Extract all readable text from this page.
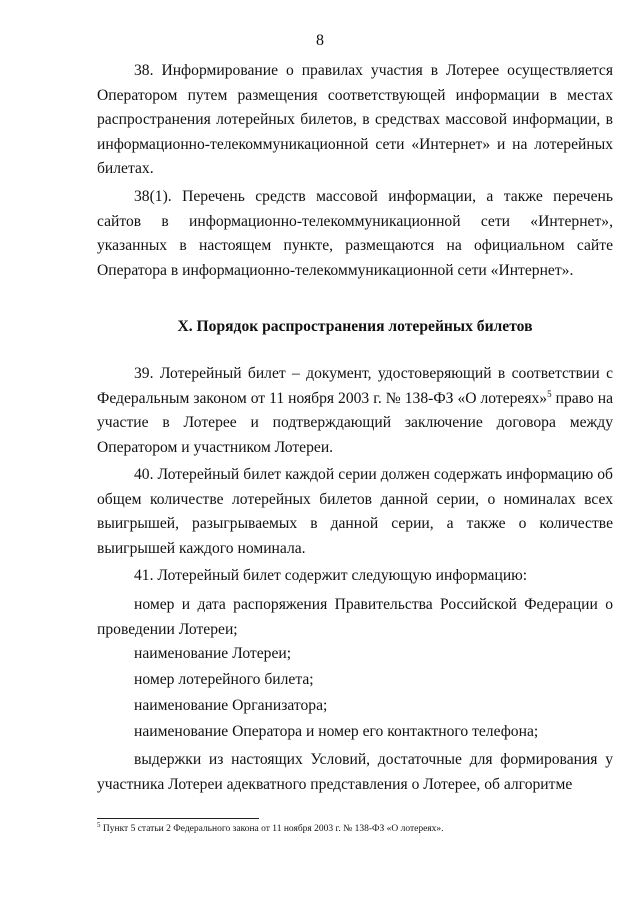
8

38. Информирование о правилах участия в Лотерее осуществляется Оператором путем размещения соответствующей информации в местах распространения лотерейных билетов, в средствах массовой информации, в информационно-телекоммуникационной сети «Интернет» и на лотерейных билетах.

38(1). Перечень средств массовой информации, а также перечень сайтов в информационно-телекоммуникационной сети «Интернет», указанных в настоящем пункте, размещаются на официальном сайте Оператора в информационно-телекоммуникационной сети «Интернет».

X. Порядок распространения лотерейных билетов

39. Лотерейный билет – документ, удостоверяющий в соответствии с Федеральным законом от 11 ноября 2003 г. № 138-ФЗ «О лотереях»$^5$ право на участие в Лотерее и подтверждающий заключение договора между Оператором и участником Лотереи.

40. Лотерейный билет каждой серии должен содержать информацию об общем количестве лотерейных билетов данной серии, о номиналах всех выигрышей, разыгрываемых в данной серии, а также о количестве выигрышей каждого номинала.

41. Лотерейный билет содержит следующую информацию:

номер и дата распоряжения Правительства Российской Федерации о проведении Лотереи;

наименование Лотереи;
номер лотерейного билета;
наименование Организатора;
наименование Оператора и номер его контактного телефона;

выдержки из настоящих Условий, достаточные для формирования у участника Лотереи адекватного представления о Лотерее, об алгоритме

$^5$ Пункт 5 статьи 2 Федерального закона от 11 ноября 2003 г. № 138-ФЗ «О лотереях».
